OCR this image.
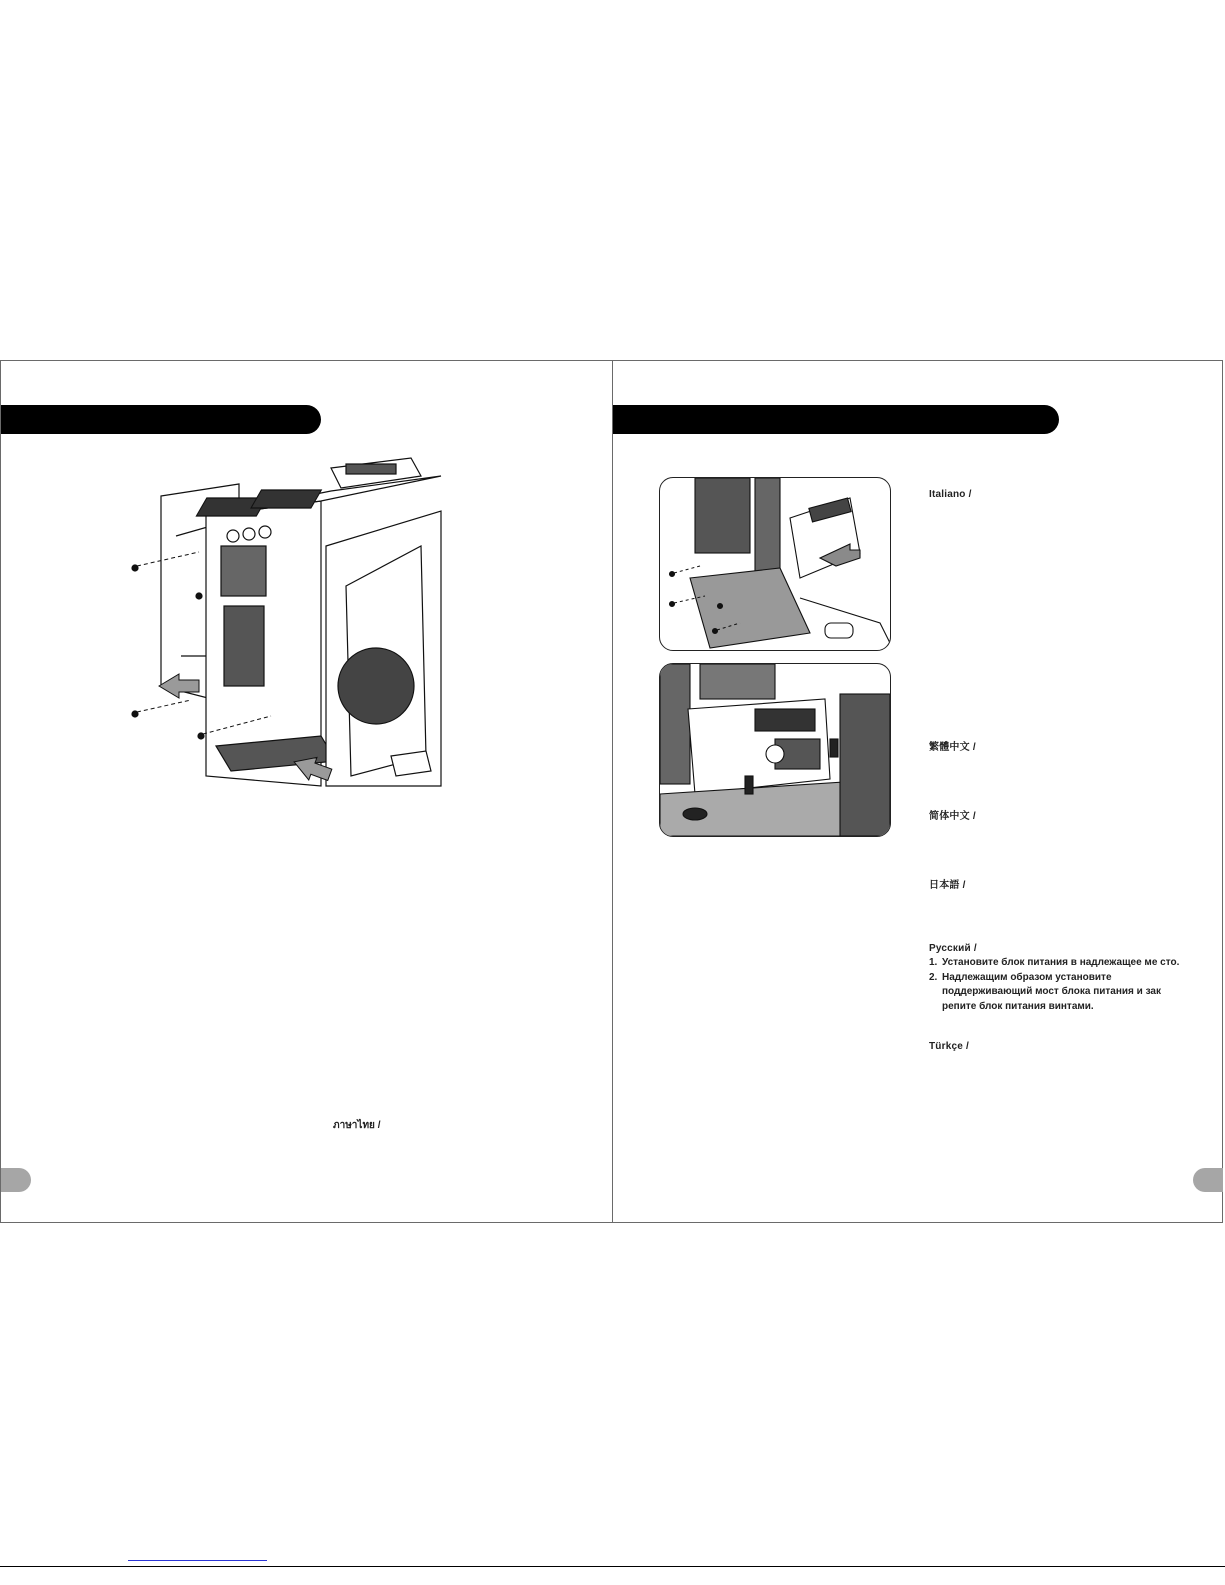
ภาษาไทย /
Italiano /
繁體中文 /
简体中文 /
日本語 /
Русский /
1. Установите блок питания в надлежащее ме сто.
2. Надлежащим образом установите поддерживающий мост блока питания и зак репите блок питания винтами.
Türkçe /
